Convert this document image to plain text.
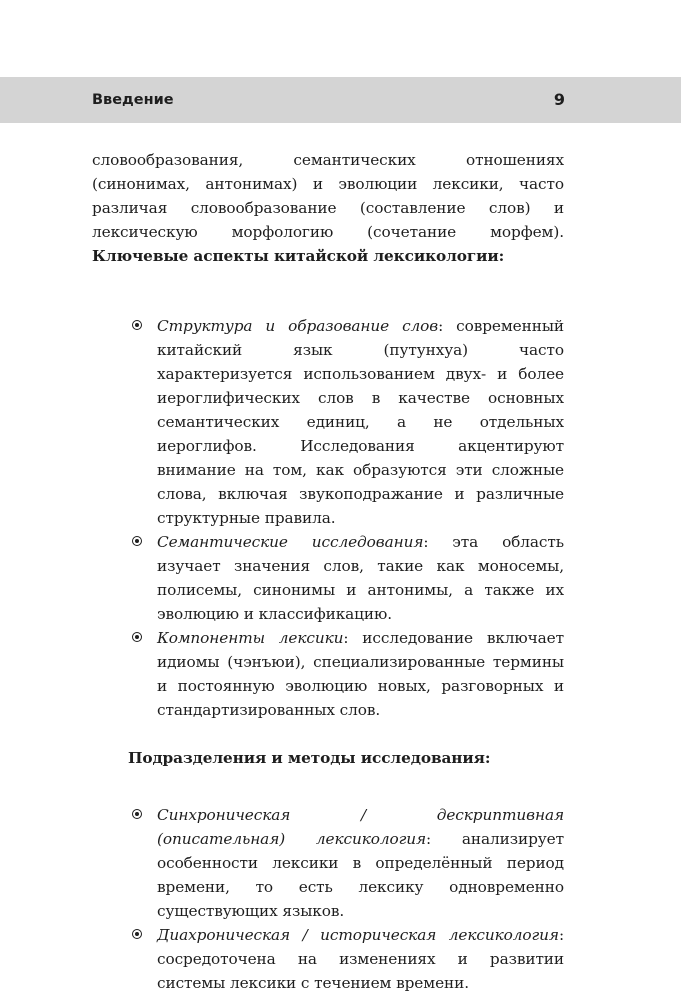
Введение	9

словообразования, семантических отношениях (синонимах, антонимах) и эволюции лексики, часто различая словообразование (составление слов) и лексическую морфологию (сочетание морфем). Ключевые аспекты китайской лексикологии:

Структура и образование слов: современный китайский язык (путунхуа) часто характеризуется использованием двух- и более иероглифических слов в качестве основных семантических единиц, а не отдельных иероглифов. Исследования акцентируют внимание на том, как образуются эти сложные слова, включая звукоподражание и различные структурные правила.
Семантические исследования: эта область изучает значения слов, такие как моносемы, полисемы, синонимы и антонимы, а также их эволюцию и классификацию.
Компоненты лексики: исследование включает идиомы (чэнъюи), специализированные термины и постоянную эволюцию новых, разговорных и стандартизированных слов.

Подразделения и методы исследования:

Синхроническая / дескриптивная (описательная) лексикология: анализирует особенности лексики в определённый период времени, то есть лексику одновременно существующих языков.
Диахроническая / историческая лексикология: сосредоточена на изменениях и развитии системы лексики с течением времени.
